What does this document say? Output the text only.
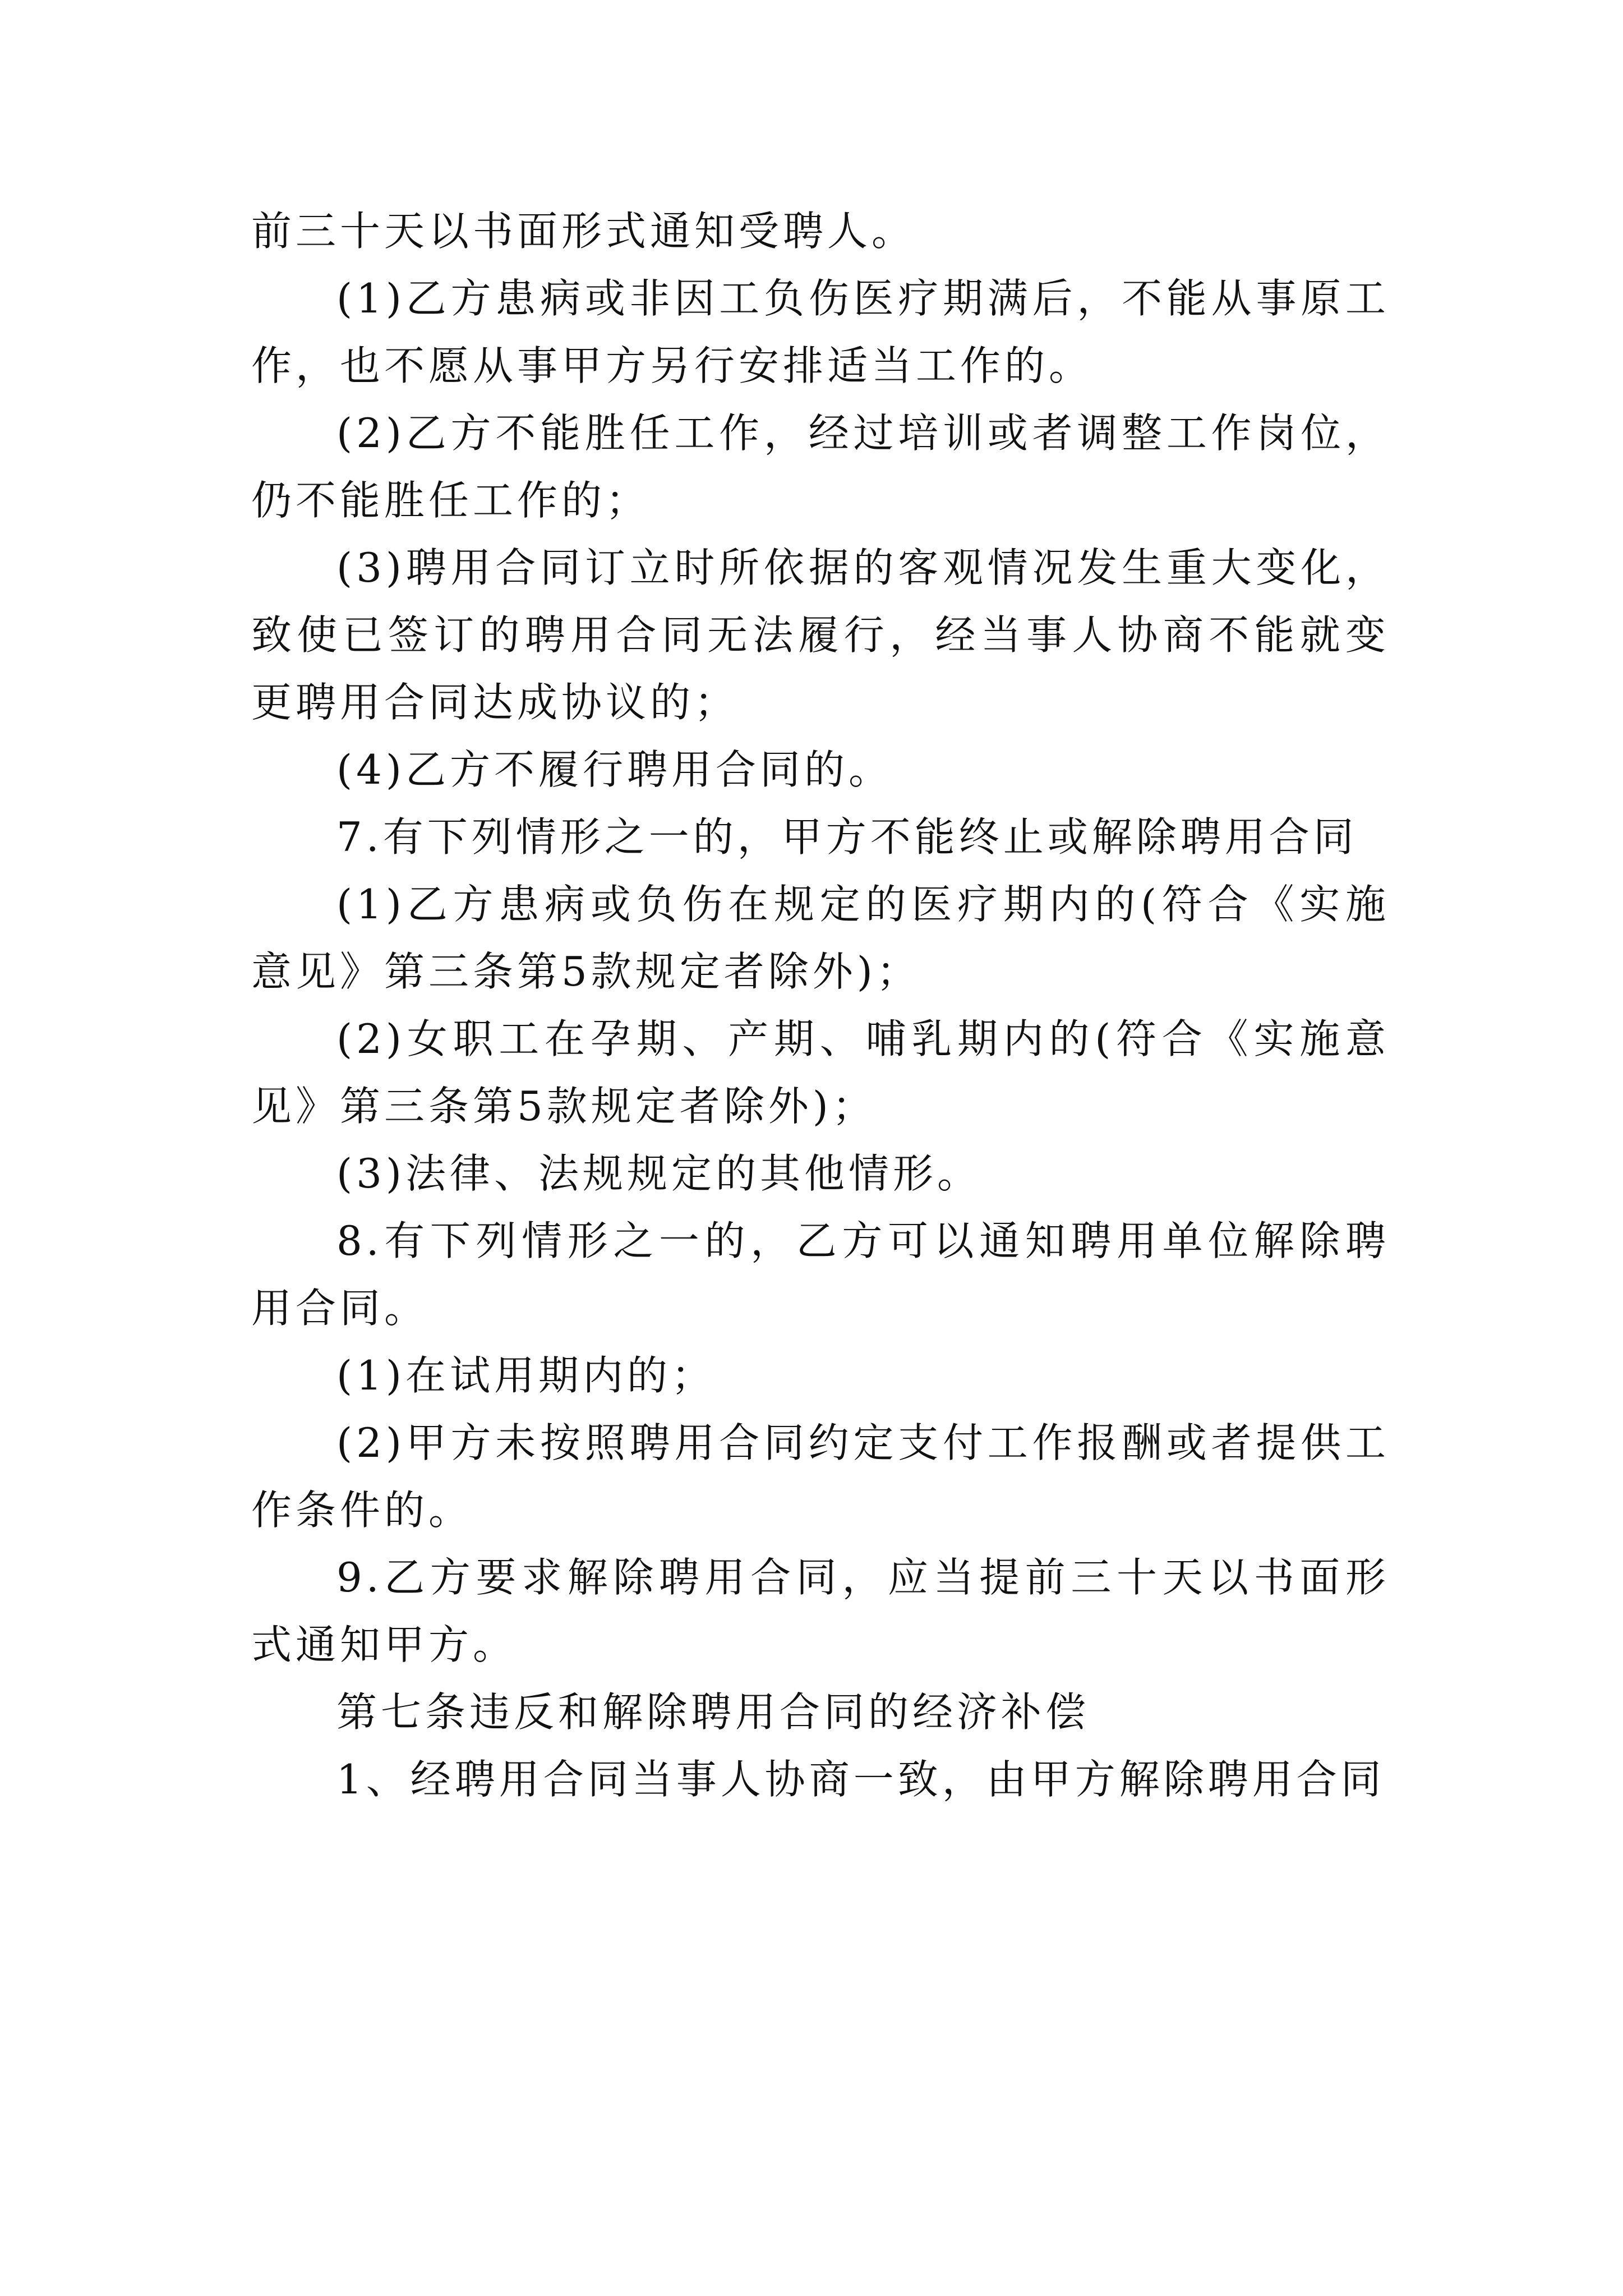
前三十天以书面形式通知受聘人。

(1)乙方患病或非因工负伤医疗期满后，不能从事原工作，也不愿从事甲方另行安排适当工作的。

(2)乙方不能胜任工作，经过培训或者调整工作岗位，仍不能胜任工作的；

(3)聘用合同订立时所依据的客观情况发生重大变化，致使已签订的聘用合同无法履行，经当事人协商不能就变更聘用合同达成协议的；

(4)乙方不履行聘用合同的。

7.有下列情形之一的，甲方不能终止或解除聘用合同

(1)乙方患病或负伤在规定的医疗期内的(符合《实施意见》第三条第5款规定者除外)；

(2)女职工在孕期、产期、哺乳期内的(符合《实施意见》第三条第5款规定者除外)；

(3)法律、法规规定的其他情形。

8.有下列情形之一的，乙方可以通知聘用单位解除聘用合同。

(1)在试用期内的；

(2)甲方未按照聘用合同约定支付工作报酬或者提供工作条件的。

9.乙方要求解除聘用合同，应当提前三十天以书面形式通知甲方。

第七条违反和解除聘用合同的经济补偿

1、经聘用合同当事人协商一致，由甲方解除聘用合同
